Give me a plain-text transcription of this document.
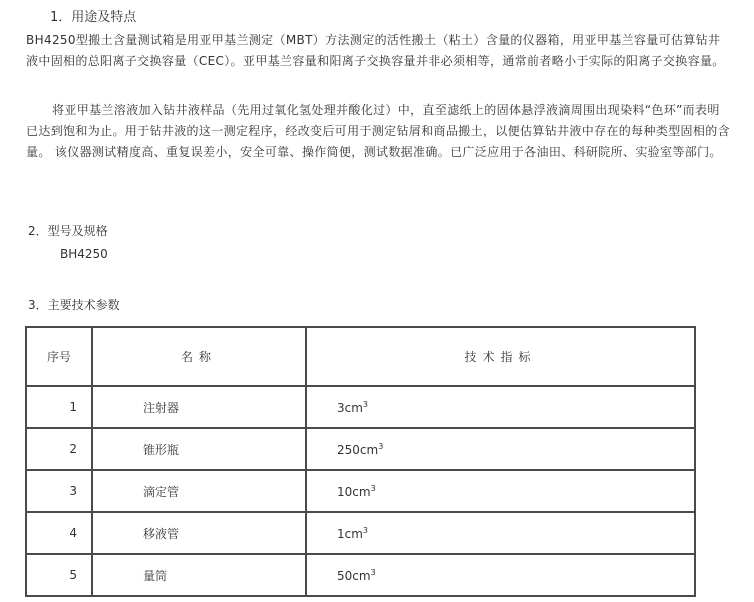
1．用途及特点
BH4250型搬土含量测试箱是用亚甲基兰测定（MBT）方法测定的活性搬土（粘土）含量的仪器箱，用亚甲基兰容量可估算钻井液中固相的总阳离子交换容量（CEC）。亚甲基兰容量和阳离子交换容量并非必须相等，通常前者略小于实际的阳离子交换容量。
将亚甲基兰溶液加入钻井液样品（先用过氧化氢处理并酸化过）中，直至滤纸上的固体悬浮液滴周围出现染料“色环”而表明已达到饱和为止。用于钻井液的这一测定程序，经改变后可用于测定钻屑和商品搬土，以便估算钻井液中存在的每种类型固相的含量。 该仪器测试精度高、重复误差小，安全可靠、操作简便，测试数据准确。已广泛应用于各油田、科研院所、实验室等部门。
2．型号及规格
BH4250
3．主要技术参数
序号	名称	技术指标
1	注射器	$3cm^3$
2	锥形瓶	$250cm^3$
3	滴定管	$10cm^3$
4	移液管	$1cm^3$
5	量筒	$50cm^3$
